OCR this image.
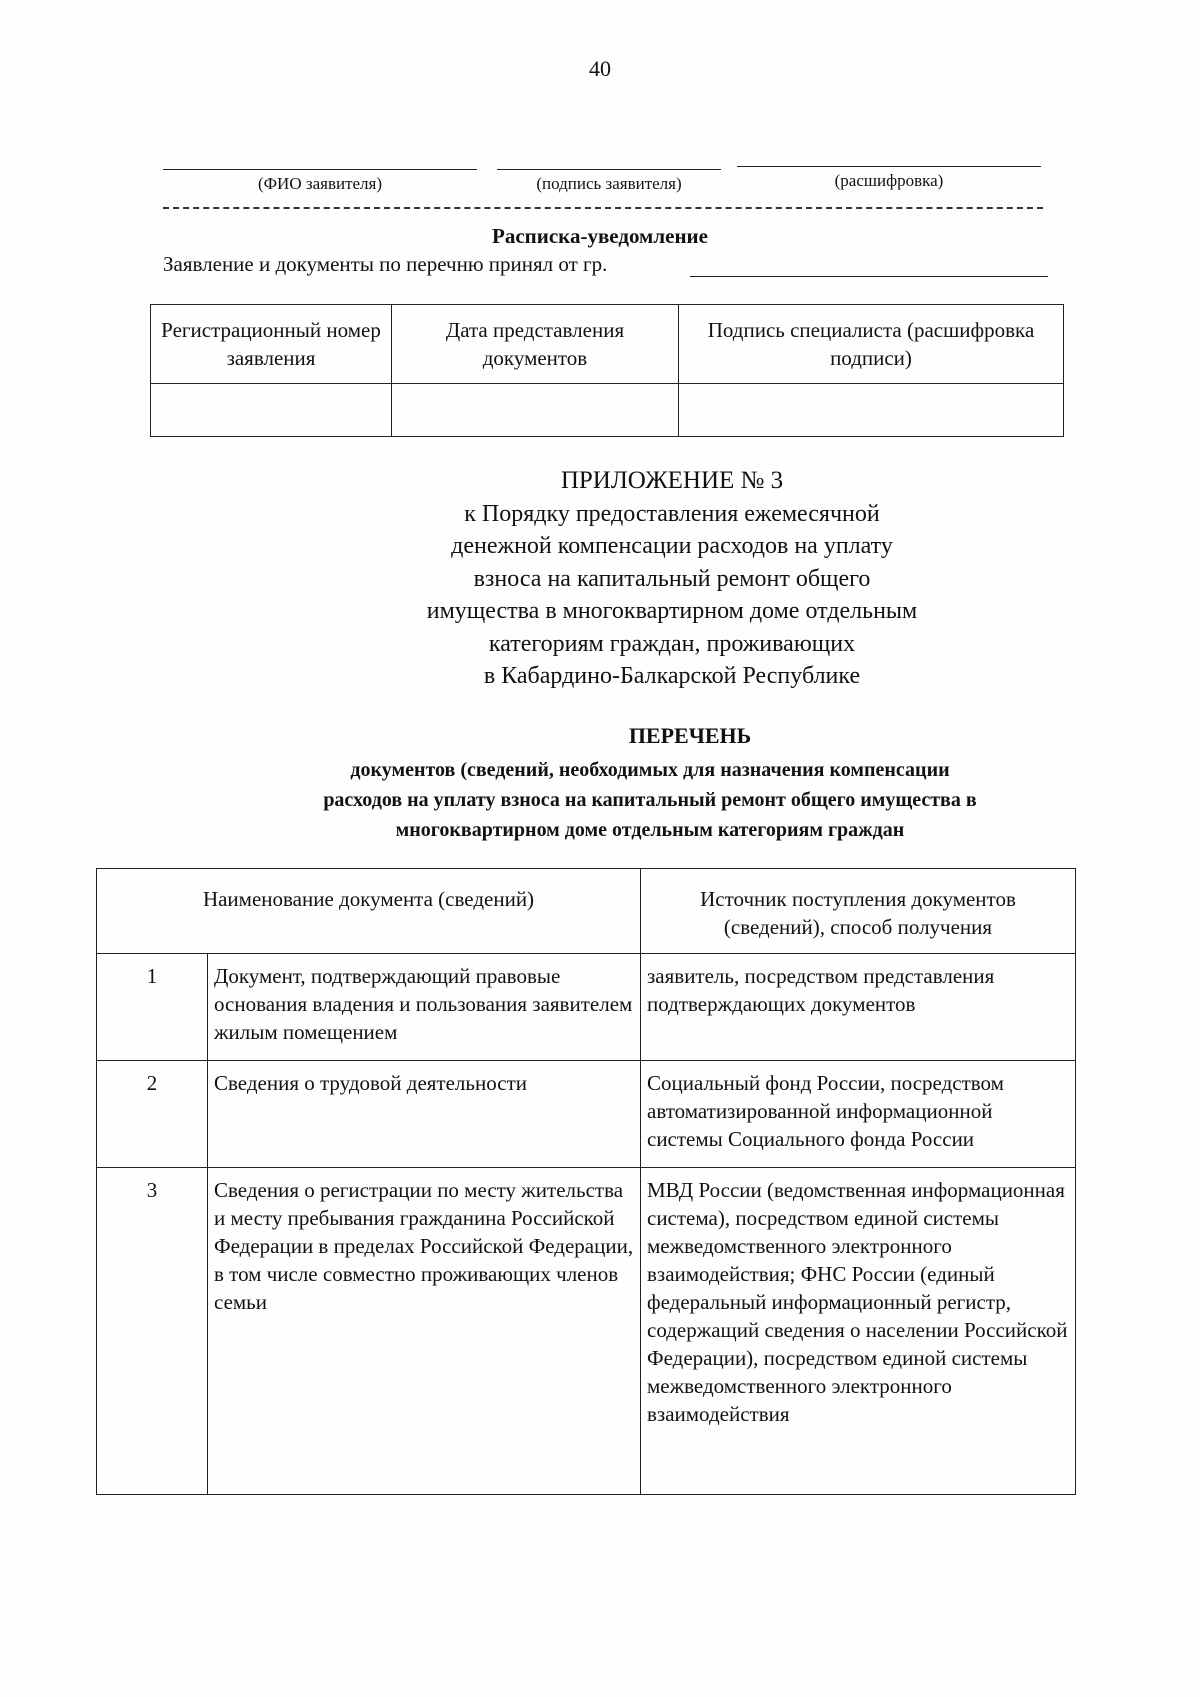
40
(ФИО заявителя)	(подпись заявителя)	(расшифровка)
Расписка-уведомление
Заявление и документы по перечню принял от гр.
Регистрационный номер заявления	Дата представления документов	Подпись специалиста (расшифровка подписи)

ПРИЛОЖЕНИЕ № 3
к Порядку предоставления ежемесячной
денежной компенсации расходов на уплату
взноса на капитальный ремонт общего
имущества в многоквартирном доме отдельным
категориям граждан, проживающих
в Кабардино-Балкарской Республике
ПЕРЕЧЕНЬ
документов (сведений, необходимых для назначения компенсации
расходов на уплату взноса на капитальный ремонт общего имущества в
многоквартирном доме отдельным категориям граждан
Наименование документа (сведений)		Источник поступления документов (сведений), способ получения
1	Документ, подтверждающий правовые основания владения и пользования заявителем жилым помещением	заявитель, посредством представления подтверждающих документов
2	Сведения о трудовой деятельности	Социальный фонд России, посредством автоматизированной информационной системы Социального фонда России
3	Сведения о регистрации по месту жительства и месту пребывания гражданина Российской Федерации в пределах Российской Федерации, в том числе совместно проживающих членов семьи	МВД России (ведомственная информационная система), посредством единой системы межведомственного электронного взаимодействия; ФНС России (единый федеральный информационный регистр, содержащий сведения о населении Российской Федерации), посредством единой системы межведомственного электронного взаимодействия
